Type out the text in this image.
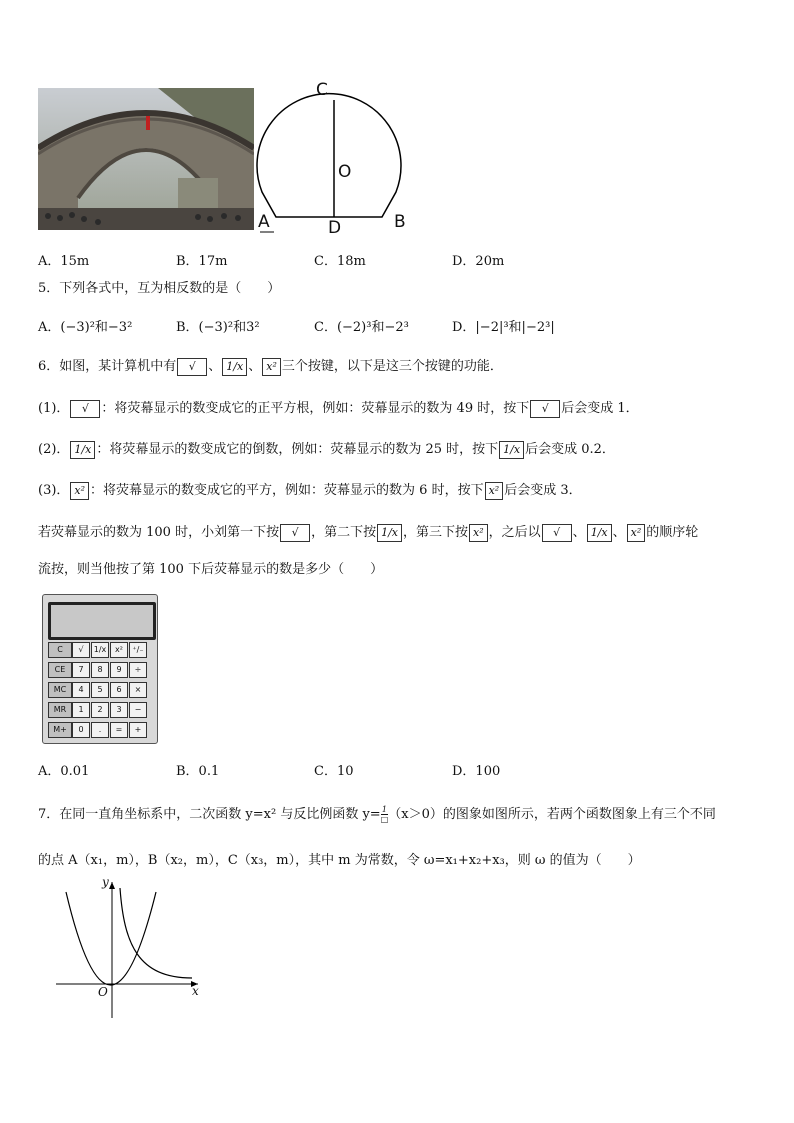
C
O
A	D	B
A．15m	B．17m	C．18m	D．20m
5．下列各式中，互为相反数的是（　　）
A．(−3)²和−3²	B．(−3)²和3²	C．(−2)³和−2³	D．|−2|³和|−2³|
6．如图，某计算机中有 √ 、 1/x 、 x² 三个按键，以下是这三个按键的功能．
(1)． √ ：将荧幕显示的数变成它的正平方根，例如：荧幕显示的数为 49 时，按下 √ 后会变成 1．
(2)． 1/x ：将荧幕显示的数变成它的倒数，例如：荧幕显示的数为 25 时，按下 1/x 后会变成 0.2．
(3)． x² ：将荧幕显示的数变成它的平方，例如：荧幕显示的数为 6 时，按下 x² 后会变成 3．
若荧幕显示的数为 100 时，小刘第一下按 √ ，第二下按 1/x ，第三下按 x² ，之后以 √ 、 1/x 、 x² 的顺序轮
流按，则当他按了第 100 下后荧幕显示的数是多少（　　）
C	√	1/x	x²	⁺∕₋
CE	7	8	9	÷
MC	4	5	6	×
MR	1	2	3	−
M+	0	.	=	+
A．0.01	B．0.1	C．10	D．100
7．在同一直角坐标系中，二次函数 y=x² 与反比例函数 y= 1
□ （x＞0）的图象如图所示，若两个函数图象上有三个不同
的点 A（x₁，m），B（x₂，m），C（x₃，m），其中 m 为常数，令 ω=x₁+x₂+x₃，则 ω 的值为（　　）
y
x
O
